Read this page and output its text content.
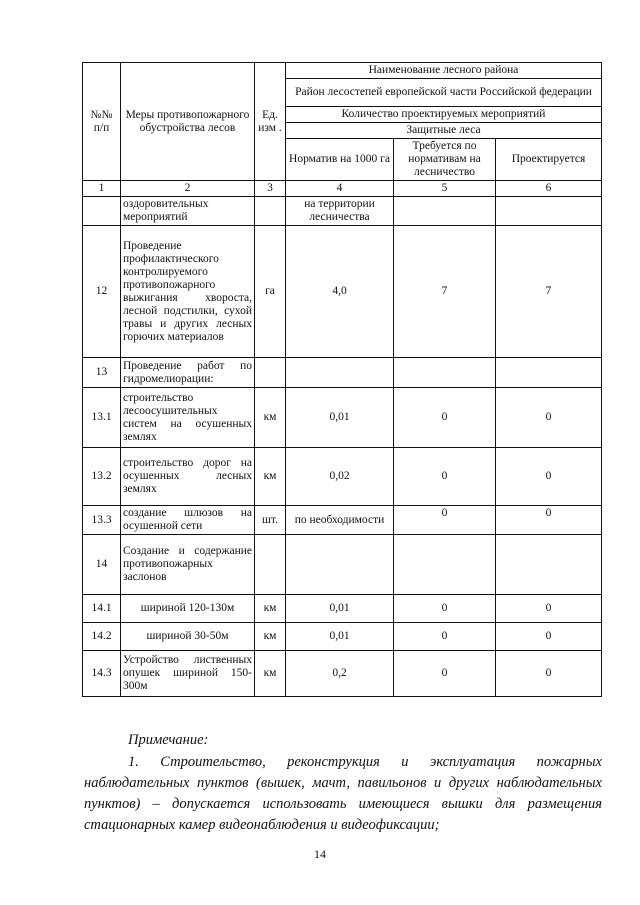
№№ п/п	Меры противопожарного обустройства лесов	Ед. изм .	Наименование лесного района		
			Район лесостепей европейской части Российской федерации		
			Количество проектируемых мероприятий		
			Защитные леса		
			Норматив на 1000 га	Требуется по нормативам на лесничество	Проектируется

1	2	3	4	5	6
	оздоровительных мероприятий		на территории лесничества		
12	Проведение профилактического контролируемого противопожарного выжигания хвороста, лесной подстилки, сухой травы и других лесных горючих материалов	га	4,0	7	7
13	Проведение работ по гидромелиорации:				
13.1	строительство лесоосушительных систем на осушенных землях	км	0,01	0	0
13.2	строительство дорог на осушенных лесных землях	км	0,02	0	0
13.3	создание шлюзов на осушенной сети	шт.	по необходимости	0	0
14	Создание и содержание противопожарных заслонов				
14.1	шириной 120-130м	км	0,01	0	0
14.2	шириной 30-50м	км	0,01	0	0
14.3	Устройство лиственных опушек шириной 150-300м	км	0,2	0	0
Примечание:
1. Строительство, реконструкция и эксплуатация пожарных наблюдательных пунктов (вышек, мачт, павильонов и других наблюдательных пунктов) – допускается использовать имеющиеся вышки для размещения стационарных камер видеонаблюдения и видеофиксации;
14
